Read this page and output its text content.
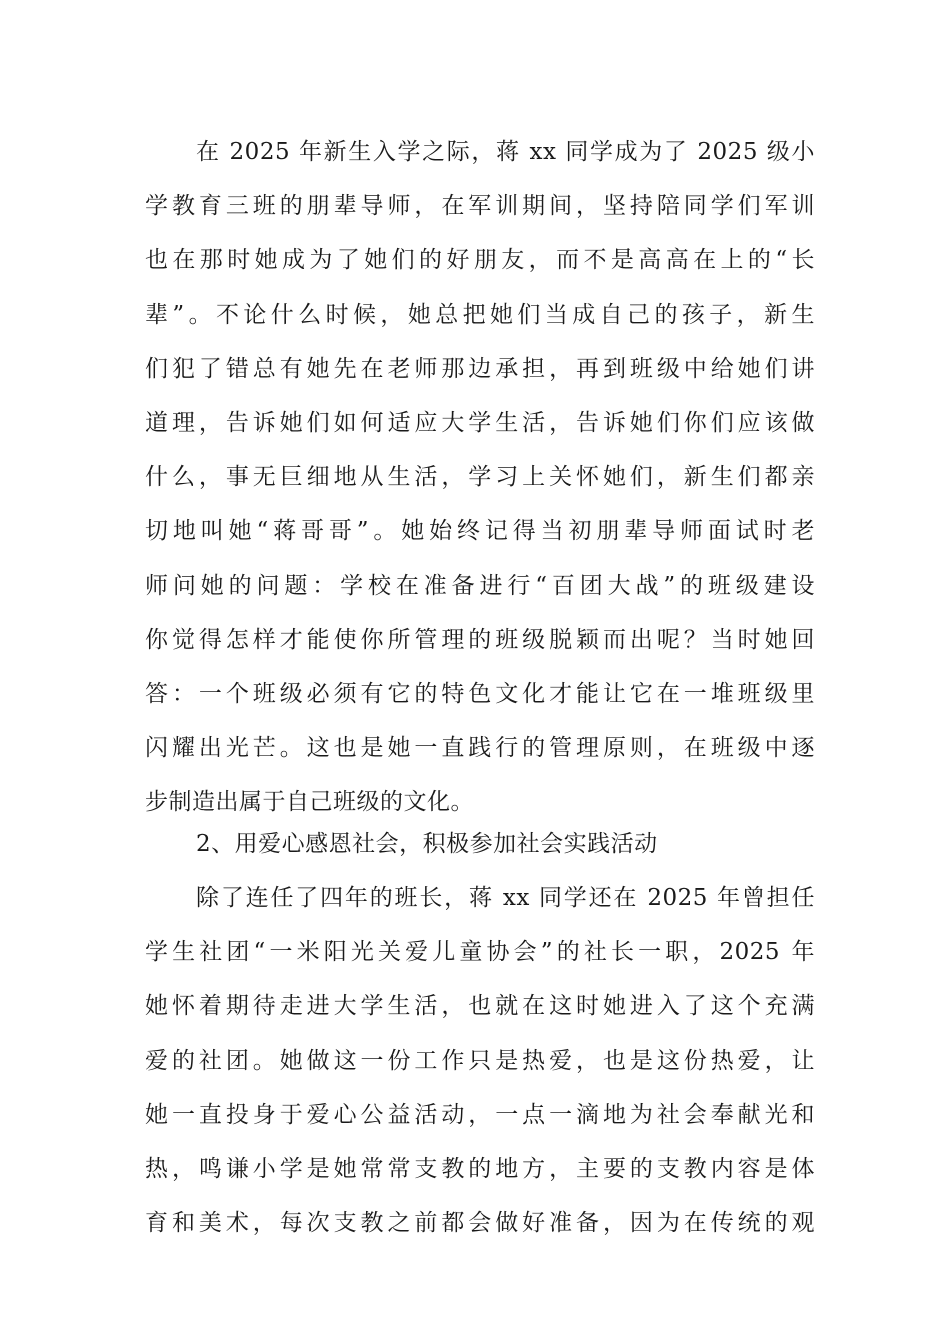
在 2025 年新生入学之际，蒋 xx 同学成为了 2025 级小
学教育三班的朋辈导师，在军训期间，坚持陪同学们军训
也在那时她成为了她们的好朋友，而不是高高在上的“长
辈”。不论什么时候，她总把她们当成自己的孩子，新生
们犯了错总有她先在老师那边承担，再到班级中给她们讲
道理，告诉她们如何适应大学生活，告诉她们你们应该做
什么，事无巨细地从生活，学习上关怀她们，新生们都亲
切地叫她“蒋哥哥”。她始终记得当初朋辈导师面试时老
师问她的问题：学校在准备进行“百团大战”的班级建设
你觉得怎样才能使你所管理的班级脱颖而出呢？当时她回
答：一个班级必须有它的特色文化才能让它在一堆班级里
闪耀出光芒。这也是她一直践行的管理原则，在班级中逐
步制造出属于自己班级的文化。
2、用爱心感恩社会，积极参加社会实践活动
除了连任了四年的班长，蒋 xx 同学还在 2025 年曾担任
学生社团“一米阳光关爱儿童协会”的社长一职，2025 年
她怀着期待走进大学生活，也就在这时她进入了这个充满
爱的社团。她做这一份工作只是热爱，也是这份热爱，让
她一直投身于爱心公益活动，一点一滴地为社会奉献光和
热，鸣谦小学是她常常支教的地方，主要的支教内容是体
育和美术，每次支教之前都会做好准备，因为在传统的观
